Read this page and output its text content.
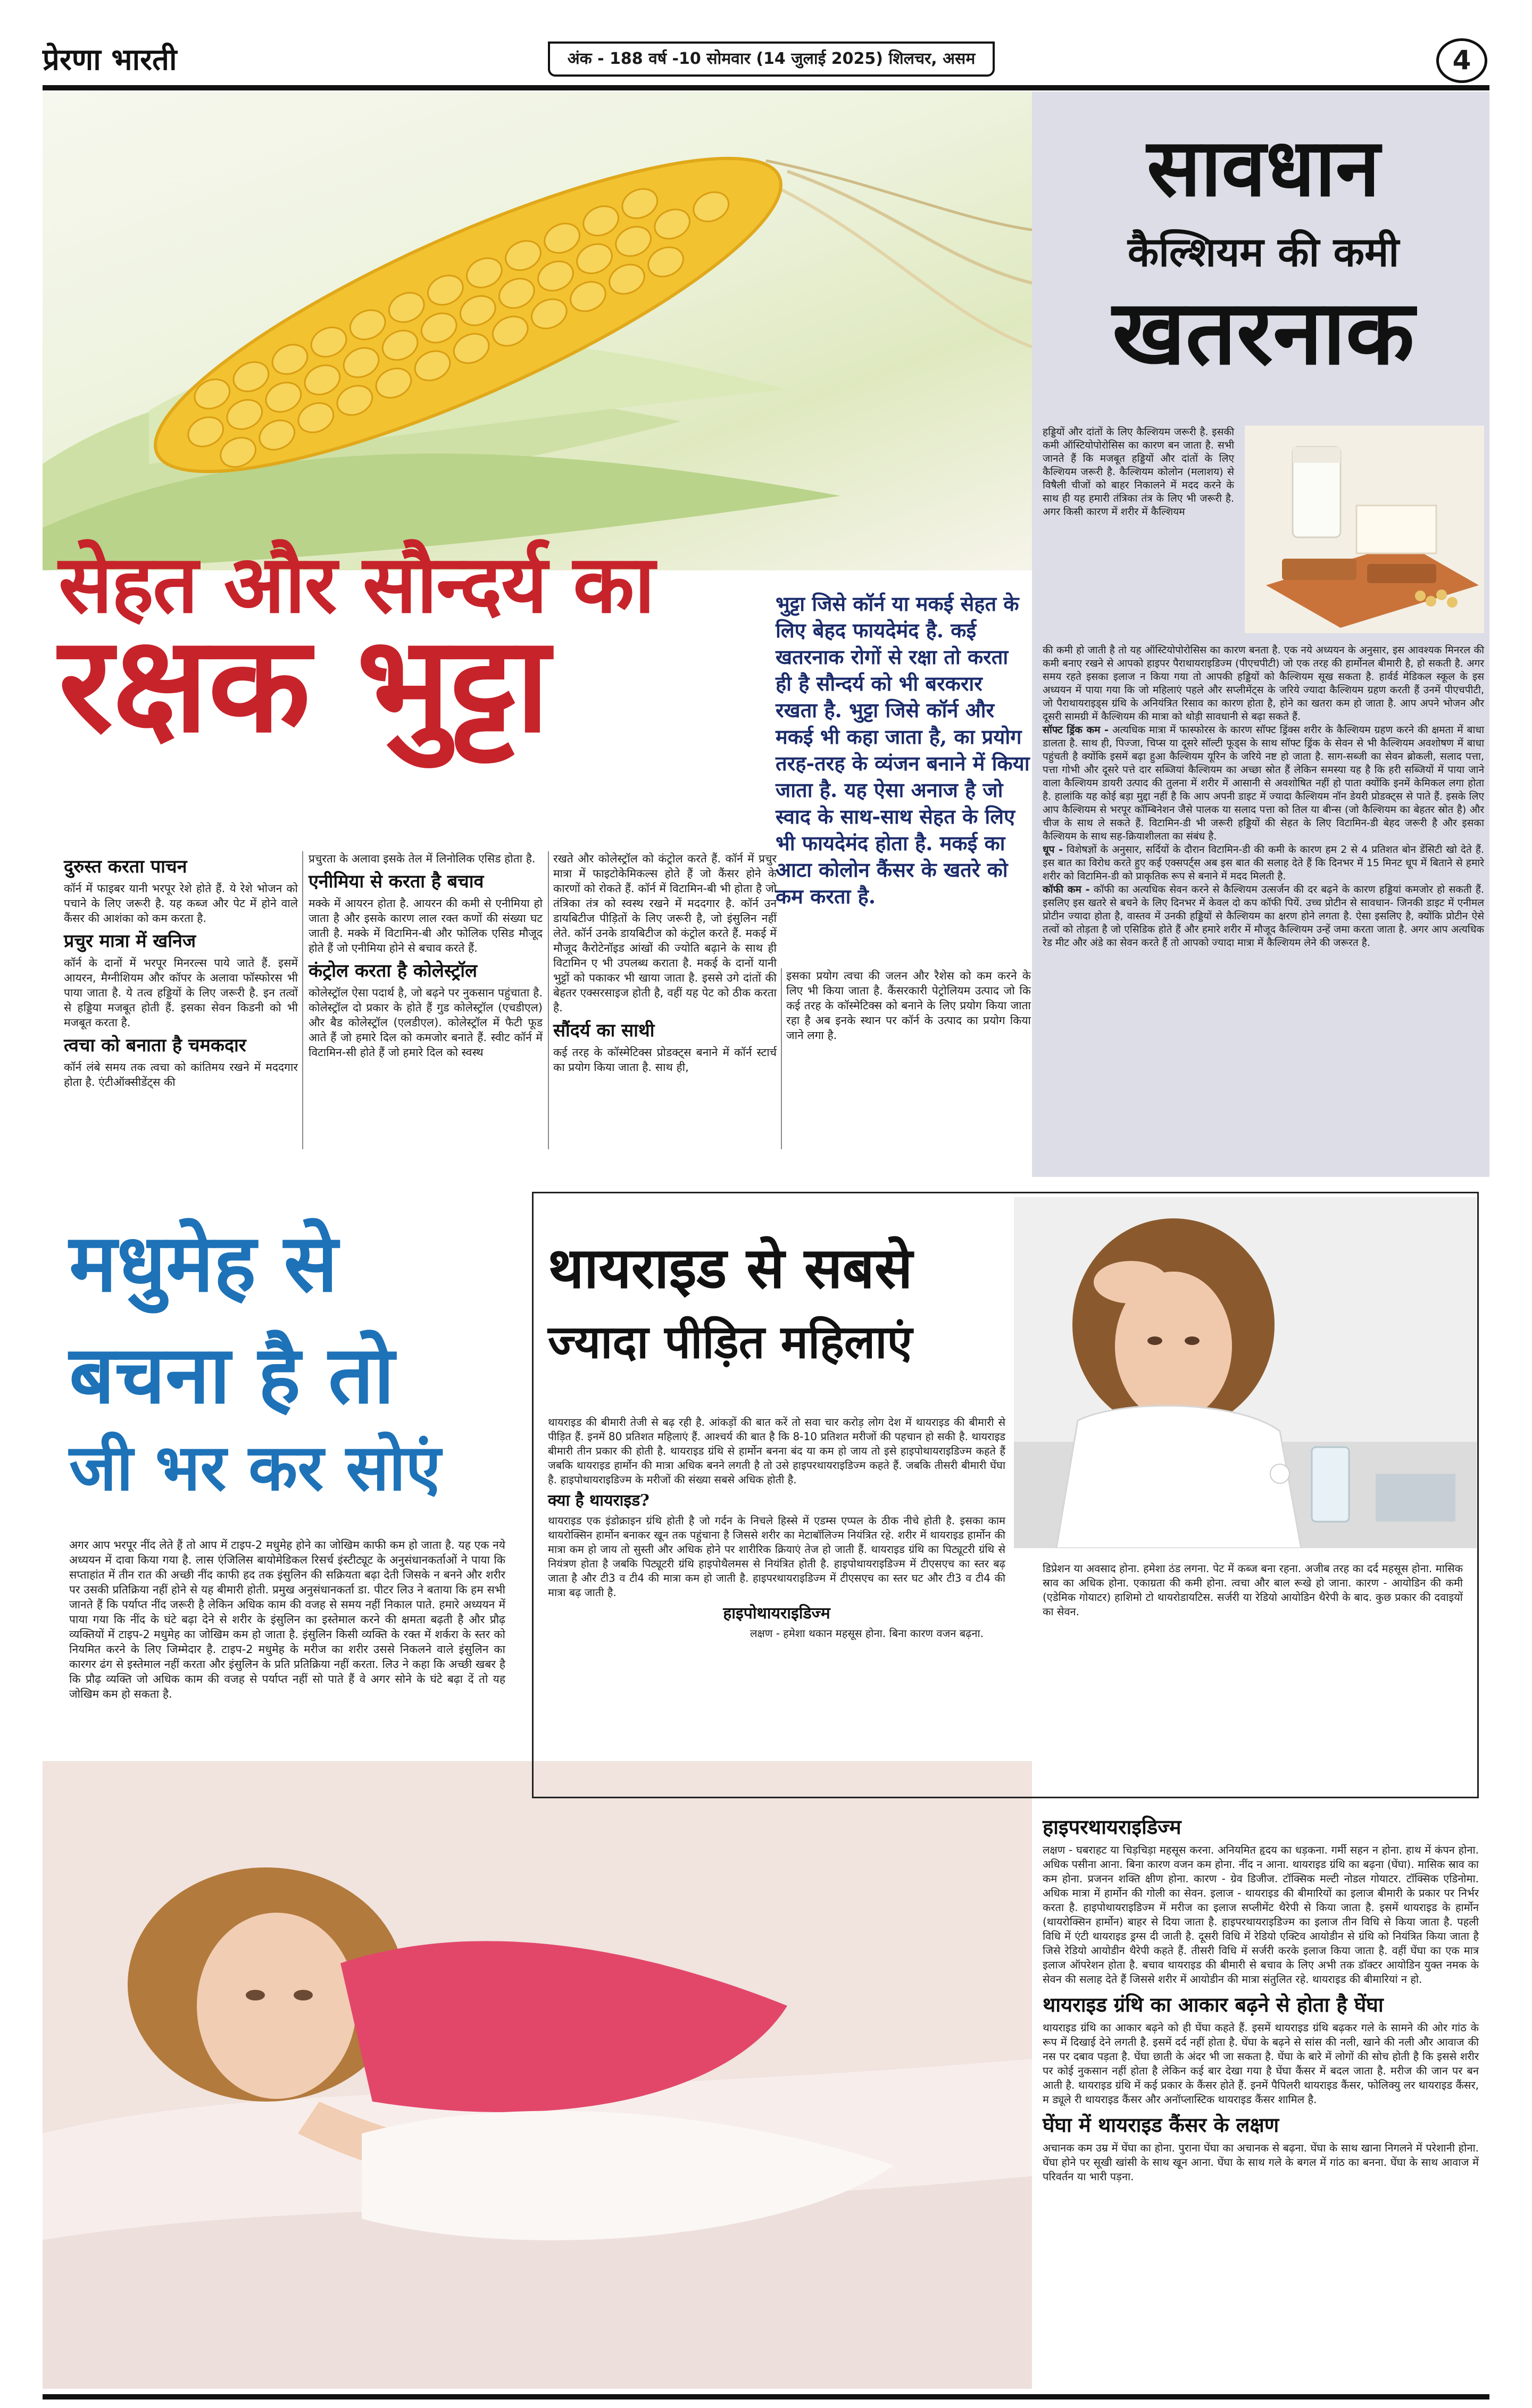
प्रेरणा भारती	अंक - 188 वर्ष -10 सोमवार (14 जुलाई 2025) शिलचर, असम	4
सेहत और सौन्दर्य का
रक्षक भुट्टा
भुट्टा जिसे कॉर्न या मकई सेहत के लिए बेहद फायदेमंद है. कई खतरनाक रोगों से रक्षा तो करता ही है सौन्दर्य को भी बरकरार रखता है. भुट्टा जिसे कॉर्न और मकई भी कहा जाता है, का प्रयोग तरह-तरह के व्यंजन बनाने में किया जाता है. यह ऐसा अनाज है जो स्वाद के साथ-साथ सेहत के लिए भी फायदेमंद होता है. मकई का आटा कोलोन कैंसर के खतरे को कम करता है.
दुरुस्त करता पाचन

कॉर्न में फाइबर यानी भरपूर रेशे होते हैं. ये रेशे भोजन को पचाने के लिए जरूरी है. यह कब्ज और पेट में होने वाले कैंसर की आशंका को कम करता है.

प्रचुर मात्रा में खनिज

कॉर्न के दानों में भरपूर मिनरल्स पाये जाते हैं. इसमें आयरन, मैग्नीशियम और कॉपर के अलावा फॉस्फोरस भी पाया जाता है. ये तत्व हड्डियों के लिए जरूरी है. इन तत्वों से हड्डिया मजबूत होती हैं. इसका सेवन किडनी को भी मजबूत करता है.

त्वचा को बनाता है चमकदार

कॉर्न लंबे समय तक त्वचा को कांतिमय रखने में मददगार होता है. एंटीऑक्सीडेंट्स की

प्रचुरता के अलावा इसके तेल में लिनोलिक एसिड होता है.

एनीमिया से करता है बचाव

मक्के में आयरन होता है. आयरन की कमी से एनीमिया हो जाता है और इसके कारण लाल रक्त कणों की संख्या घट जाती है. मक्के में विटामिन-बी और फोलिक एसिड मौजूद होते हैं जो एनीमिया होने से बचाव करते हैं.

कंट्रोल करता है कोलेस्ट्रॉल

कोलेस्ट्रॉल ऐसा पदार्थ है, जो बढ़ने पर नुकसान पहुंचाता है. कोलेस्ट्रॉल दो प्रकार के होते हैं गुड कोलेस्ट्रॉल (एचडीएल) और बैड कोलेस्ट्रॉल (एलडीएल). कोलेस्ट्रॉल में फैटी फूड आते हैं जो हमारे दिल को कमजोर बनाते हैं. स्वीट कॉर्न में विटामिन-सी होते हैं जो हमारे दिल को स्वस्थ

रखते और कोलेस्ट्रॉल को कंट्रोल करते हैं. कॉर्न में प्रचुर मात्रा में फाइटोकेमिकल्स होते हैं जो कैंसर होने के कारणों को रोकते हैं. कॉर्न में विटामिन-बी भी होता है जो तंत्रिका तंत्र को स्वस्थ रखने में मददगार है. कॉर्न उन डायबिटीज पीड़ितों के लिए जरूरी है, जो इंसुलिन नहीं लेते. कॉर्न उनके डायबिटीज को कंट्रोल करते हैं. मकई में मौजूद कैरोटेनॉइड आंखों की ज्योति बढ़ाने के साथ ही विटामिन ए भी उपलब्ध कराता है. मकई के दानों यानी भुट्टों को पकाकर भी खाया जाता है. इससे उगे दांतों की बेहतर एक्सरसाइज होती है, वहीं यह पेट को ठीक करता है.

सौंदर्य का साथी

कई तरह के कॉस्मेटिक्स प्रोडक्ट्स बनाने में कॉर्न स्टार्च का प्रयोग किया जाता है. साथ ही,

इसका प्रयोग त्वचा की जलन और रैशेस को कम करने के लिए भी किया जाता है. कैंसरकारी पेट्रोलियम उत्पाद जो कि कई तरह के कॉस्मेटिक्स को बनाने के लिए प्रयोग किया जाता रहा है अब इनके स्थान पर कॉर्न के उत्पाद का प्रयोग किया जाने लगा है.

सावधान
कैल्शियम की कमी
खतरनाक

हड्डियों और दांतों के लिए कैल्शियम जरूरी है. इसकी कमी ऑस्टियोपोरोसिस का कारण बन जाता है. सभी जानते हैं कि मजबूत हड्डियों और दांतों के लिए कैल्शियम जरूरी है. कैल्शियम कोलोन (मलाशय) से विषैली चीजों को बाहर निकालने में मदद करने के साथ ही यह हमारी तंत्रिका तंत्र के लिए भी जरूरी है. अगर किसी कारण में शरीर में कैल्शियम

की कमी हो जाती है तो यह ऑस्टियोपोरोसिस का कारण बनता है. एक नये अध्ययन के अनुसार, इस आवश्यक मिनरल की कमी बनाए रखने से आपको हाइपर पैराथायराइडिज्म (पीएचपीटी) जो एक तरह की हार्मोनल बीमारी है, हो सकती है. अगर समय रहते इसका इलाज न किया गया तो आपकी हड्डियों को कैल्शियम सूख सकता है. हार्वर्ड मेडिकल स्कूल के इस अध्ययन में पाया गया कि जो महिलाएं पहले और सप्लीमेंट्स के जरिये ज्यादा कैल्शियम ग्रहण करती हैं उनमें पीएचपीटी, जो पैराथायराइड्स ग्रंथि के अनियंत्रित रिसाव का कारण होता है, होने का खतरा कम हो जाता है. आप अपने भोजन और दूसरी सामग्री में कैल्शियम की मात्रा को थोड़ी सावधानी से बढ़ा सकते हैं.

सॉफ्ट ड्रिंक कम - अत्यधिक मात्रा में फास्फोरस के कारण सॉफ्ट ड्रिंक्स शरीर के कैल्शियम ग्रहण करने की क्षमता में बाधा डालता है. साथ ही, पिज्जा, चिप्स या दूसरे सॉल्टी फूड्स के साथ सॉफ्ट ड्रिंक के सेवन से भी कैल्शियम अवशोषण में बाधा पहुंचती है क्योंकि इसमें बढ़ा हुआ कैल्शियम यूरिन के जरिये नष्ट हो जाता है. साग-सब्जी का सेवन ब्रोकली, सलाद पत्ता, पत्ता गोभी और दूसरे पत्ते दार सब्जियां कैल्शियम का अच्छा स्रोत हैं लेकिन समस्या यह है कि हरी सब्जियों में पाया जाने वाला कैल्शियम डायरी उत्पाद की तुलना में शरीर में आसानी से अवशोषित नहीं हो पाता क्योंकि इनमें केमिकल लगा होता है. हालांकि यह कोई बड़ा मुद्दा नहीं है कि आप अपनी डाइट में ज्यादा कैल्शियम नॉन डेयरी प्रोडक्ट्स से पाते हैं. इसके लिए आप कैल्शियम से भरपूर कॉम्बिनेशन जैसे पालक या सलाद पत्ता को तिल या बीन्स (जो कैल्शियम का बेहतर स्रोत है) और चीज के साथ ले सकते हैं. विटामिन-डी भी जरूरी हड्डियों की सेहत के लिए विटामिन-डी बेहद जरूरी है और इसका कैल्शियम के साथ सह-क्रियाशीलता का संबंध है.

धूप - विशेषज्ञों के अनुसार, सर्दियों के दौरान विटामिन-डी की कमी के कारण हम 2 से 4 प्रतिशत बोन डेंसिटी खो देते हैं. इस बात का विरोध करते हुए कई एक्सपर्ट्स अब इस बात की सलाह देते हैं कि दिनभर में 15 मिनट धूप में बिताने से हमारे शरीर को विटामिन-डी को प्राकृतिक रूप से बनाने में मदद मिलती है.

कॉफी कम - कॉफी का अत्यधिक सेवन करने से कैल्शियम उत्सर्जन की दर बढ़ने के कारण हड्डियां कमजोर हो सकती हैं. इसलिए इस खतरे से बचने के लिए दिनभर में केवल दो कप कॉफी पियें. उच्च प्रोटीन से सावधान- जिनकी डाइट में एनीमल प्रोटीन ज्यादा होता है, वास्तव में उनकी हड्डियों से कैल्शियम का क्षरण होने लगता है. ऐसा इसलिए है, क्योंकि प्रोटीन ऐसे तत्वों को तोड़ता है जो एसिडिक होते हैं और हमारे शरीर में मौजूद कैल्शियम उन्हें जमा करता जाता है. अगर आप अत्यधिक रेड मीट और अंडे का सेवन करते हैं तो आपको ज्यादा मात्रा में कैल्शियम लेने की जरूरत है.

मधुमेह से
बचना है तो
जी भर कर सोएं

अगर आप भरपूर नींद लेते हैं तो आप में टाइप-2 मधुमेह होने का जोखिम काफी कम हो जाता है. यह एक नये अध्ययन में दावा किया गया है. लास एंजिलिस बायोमेडिकल रिसर्च इंस्टीट्यूट के अनुसंधानकर्ताओं ने पाया कि सप्ताहांत में तीन रात की अच्छी नींद काफी हद तक इंसुलिन की सक्रियता बढ़ा देती जिसके न बनने और शरीर पर उसकी प्रतिक्रिया नहीं होने से यह बीमारी होती. प्रमुख अनुसंधानकर्ता डा. पीटर लिउ ने बताया कि हम सभी जानते हैं कि पर्याप्त नींद जरूरी है लेकिन अधिक काम की वजह से समय नहीं निकाल पाते. हमारे अध्ययन में पाया गया कि नींद के घंटे बढ़ा देने से शरीर के इंसुलिन का इस्तेमाल करने की क्षमता बढ़ती है और प्रौढ़ व्यक्तियों में टाइप-2 मधुमेह का जोखिम कम हो जाता है. इंसुलिन किसी व्यक्ति के रक्त में शर्करा के स्तर को नियमित करने के लिए जिम्मेदार है. टाइप-2 मधुमेह के मरीज का शरीर उससे निकलने वाले इंसुलिन का कारगर ढंग से इस्तेमाल नहीं करता और इंसुलिन के प्रति प्रतिक्रिया नहीं करता. लिउ ने कहा कि अच्छी खबर है कि प्रौढ़ व्यक्ति जो अधिक काम की वजह से पर्याप्त नहीं सो पाते हैं वे अगर सोने के घंटे बढ़ा दें तो यह जोखिम कम हो सकता है.

थायराइड से सबसे
ज्यादा पीड़ित महिलाएं

थायराइड की बीमारी तेजी से बढ़ रही है. आंकड़ों की बात करें तो सवा चार करोड़ लोग देश में थायराइड की बीमारी से पीड़ित हैं. इनमें 80 प्रतिशत महिलाएं हैं. आश्चर्य की बात है कि 8-10 प्रतिशत मरीजों की पहचान हो सकी है. थायराइड बीमारी तीन प्रकार की होती है. थायराइड ग्रंथि से हार्मोन बनना बंद या कम हो जाय तो इसे हाइपोथायराइडिज्म कहते हैं जबकि थायराइड हार्मोन की मात्रा अधिक बनने लगती है तो उसे हाइपरथायराइडिज्म कहते हैं. जबकि तीसरी बीमारी घेंघा है. हाइपोथायराइडिज्म के मरीजों की संख्या सबसे अधिक होती है.

क्या है थायराइड?

थायराइड एक इंडोक्राइन ग्रंथि होती है जो गर्दन के निचले हिस्से में एडम्स एप्पल के ठीक नीचे होती है. इसका काम थायरोक्सिन हार्मोन बनाकर खून तक पहुंचाना है जिससे शरीर का मेटाबॉलिज्म नियंत्रित रहे. शरीर में थायराइड हार्मोन की मात्रा कम हो जाय तो सुस्ती और अधिक होने पर शारीरिक क्रियाएं तेज हो जाती हैं. थायराइड ग्रंथि का पिट्यूटरी ग्रंथि से नियंत्रण होता है जबकि पिट्यूटरी ग्रंथि हाइपोथैलमस से नियंत्रित होती है. हाइपोथायराइडिज्म में टीएसएच का स्तर बढ़ जाता है और टी3 व टी4 की मात्रा कम हो जाती है. हाइपरथायराइडिज्म में टीएसएच का स्तर घट और टी3 व टी4 की मात्रा बढ़ जाती है.

हाइपोथायराइडिज्म

लक्षण - हमेशा थकान महसूस होना. बिना कारण वजन बढ़ना.

डिप्रेशन या अवसाद होना. हमेशा ठंड लगना. पेट में कब्ज बना रहना. अजीब तरह का दर्द महसूस होना. मासिक स्राव का अधिक होना. एकाग्रता की कमी होना. त्वचा और बाल रूखे हो जाना. कारण - आयोडिन की कमी (एडेमिक गोयाटर) हाशिमो टो थायरोडायटिस. सर्जरी या रेडियो आयोडिन थैरेपी के बाद. कुछ प्रकार की दवाइयों का सेवन.

हाइपरथायराइडिज्म

लक्षण - घबराहट या चिड़चिड़ा महसूस करना. अनियमित हृदय का धड़कना. गर्मी सहन न होना. हाथ में कंपन होना. अधिक पसीना आना. बिना कारण वजन कम होना. नींद न आना. थायराइड ग्रंथि का बढ़ना (घेंघा). मासिक स्राव का कम होना. प्रजनन शक्ति क्षीण होना. कारण - ग्रेव डिजीज. टॉक्सिक मल्टी नोडल गोयाटर. टॉक्सिक एडिनोमा. अधिक मात्रा में हार्मोन की गोली का सेवन. इलाज - थायराइड की बीमारियों का इलाज बीमारी के प्रकार पर निर्भर करता है. हाइपोथायराइडिज्म में मरीज का इलाज सप्लीमेंट थैरेपी से किया जाता है. इसमें थायराइड के हार्मोन (थायरोक्सिन हार्मोन) बाहर से दिया जाता है. हाइपरथायराइडिज्म का इलाज तीन विधि से किया जाता है. पहली विधि में एंटी थायराइड ड्रग्स दी जाती है. दूसरी विधि में रेडियो एक्टिव आयोडीन से ग्रंथि को नियंत्रित किया जाता है जिसे रेडियो आयोडीन थैरेपी कहते हैं. तीसरी विधि में सर्जरी करके इलाज किया जाता है. वहीं घेंघा का एक मात्र इलाज ऑपरेशन होता है. बचाव थायराइड की बीमारी से बचाव के लिए अभी तक डॉक्टर आयोडिन युक्त नमक के सेवन की सलाह देते हैं जिससे शरीर में आयोडीन की मात्रा संतुलित रहे. थायराइड की बीमारियां न हो.

थायराइड ग्रंथि का आकार बढ़ने से होता है घेंघा

थायराइड ग्रंथि का आकार बढ़ने को ही घेंघा कहते हैं. इसमें थायराइड ग्रंथि बढ़कर गले के सामने की ओर गांठ के रूप में दिखाई देने लगती है. इसमें दर्द नहीं होता है. घेंघा के बढ़ने से सांस की नली, खाने की नली और आवाज की नस पर दबाव पड़ता है. घेंघा छाती के अंदर भी जा सकता है. घेंघा के बारे में लोगों की सोच होती है कि इससे शरीर पर कोई नुकसान नहीं होता है लेकिन कई बार देखा गया है घेंघा कैंसर में बदल जाता है. मरीज की जान पर बन आती है. थायराइड ग्रंथि में कई प्रकार के कैंसर होते हैं. इनमें पैपिलरी थायराइड कैंसर, फोलिक्यु लर थायराइड कैंसर, म ड्यूले री थायराइड कैंसर और अनॉप्लास्टिक थायराइड कैंसर शामिल है.

घेंघा में थायराइड कैंसर के लक्षण

अचानक कम उम्र में घेंघा का होना. पुराना घेंघा का अचानक से बढ़ना. घेंघा के साथ खाना निगलने में परेशानी होना. घेंघा होने पर सूखी खांसी के साथ खून आना. घेंघा के साथ गले के बगल में गांठ का बनना. घेंघा के साथ आवाज में परिवर्तन या भारी पड़ना.
